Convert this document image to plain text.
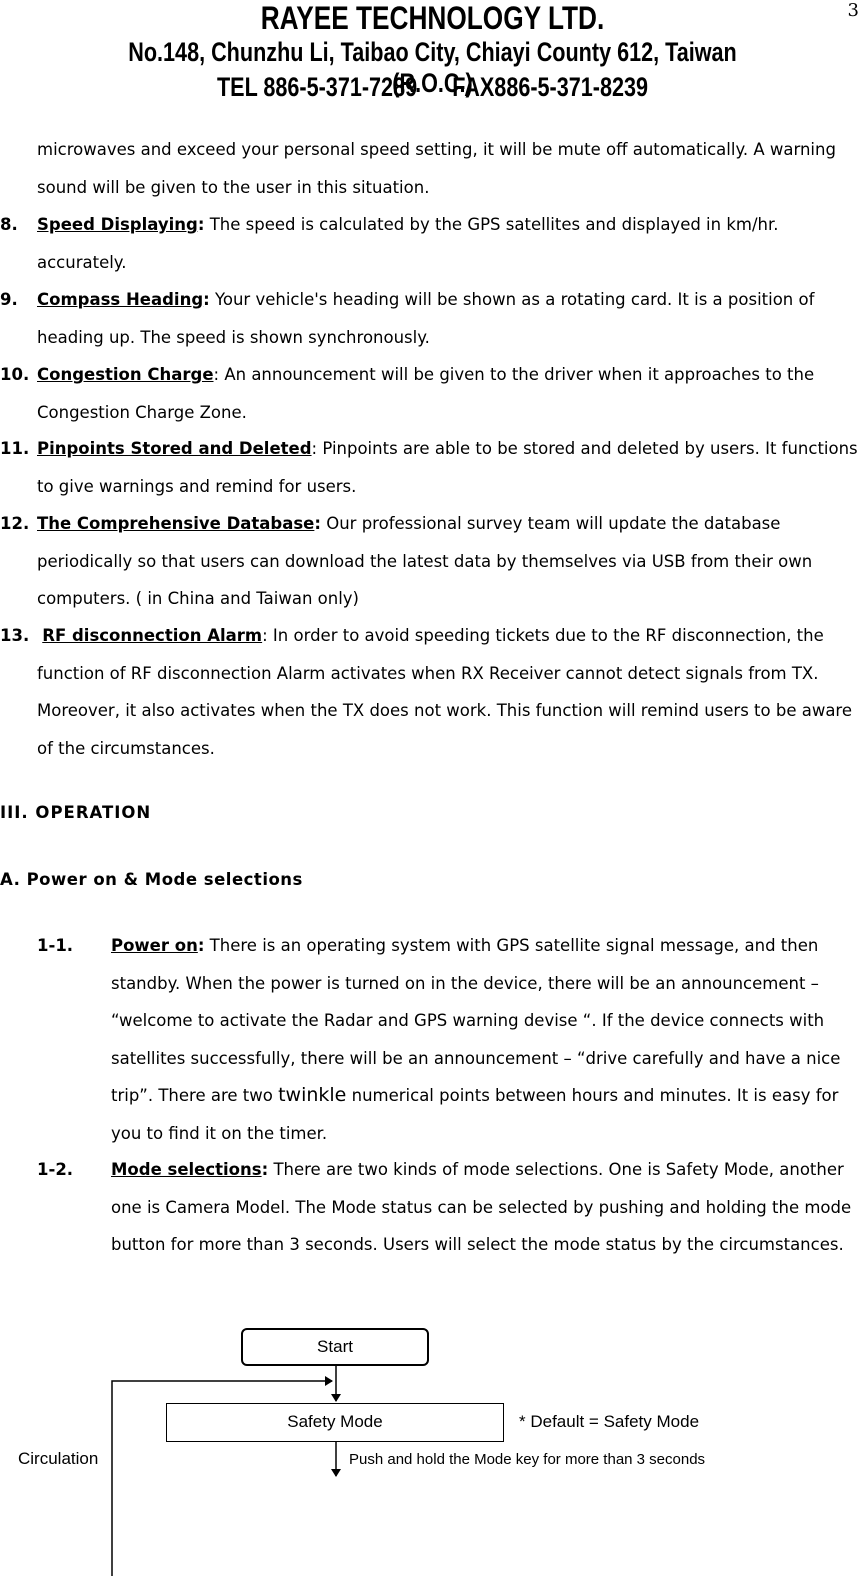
3
RAYEE TECHNOLOGY LTD.
No.148, Chunzhu Li, Taibao City, Chiayi County 612, Taiwan (R.O.C.)
TEL 886-5-371-7289 FAX886-5-371-8239
microwaves and exceed your personal speed setting, it will be mute off automatically. A warning sound will be given to the user in this situation.
8. Speed Displaying: The speed is calculated by the GPS satellites and displayed in km/hr. accurately.
9. Compass Heading: Your vehicle's heading will be shown as a rotating card. It is a position of heading up. The speed is shown synchronously.
10. Congestion Charge: An announcement will be given to the driver when it approaches to the Congestion Charge Zone.
11. Pinpoints Stored and Deleted: Pinpoints are able to be stored and deleted by users. It functions to give warnings and remind for users.
12. The Comprehensive Database: Our professional survey team will update the database periodically so that users can download the latest data by themselves via USB from their own computers. ( in China and Taiwan only)
13. RF disconnection Alarm: In order to avoid speeding tickets due to the RF disconnection, the function of RF disconnection Alarm activates when RX Receiver cannot detect signals from TX. Moreover, it also activates when the TX does not work. This function will remind users to be aware of the circumstances.
III. OPERATION
A. Power on & Mode selections
1-1. Power on: There is an operating system with GPS satellite signal message, and then standby. When the power is turned on in the device, there will be an announcement – “welcome to activate the Radar and GPS warning devise “. If the device connects with satellites successfully, there will be an announcement – “drive carefully and have a nice trip”. There are two twinkle numerical points between hours and minutes. It is easy for you to find it on the timer.
1-2. Mode selections: There are two kinds of mode selections. One is Safety Mode, another one is Camera Model. The Mode status can be selected by pushing and holding the mode button for more than 3 seconds. Users will select the mode status by the circumstances.
Start
Safety Mode	* Default = Safety Mode
Circulation	Push and hold the Mode key for more than 3 seconds
